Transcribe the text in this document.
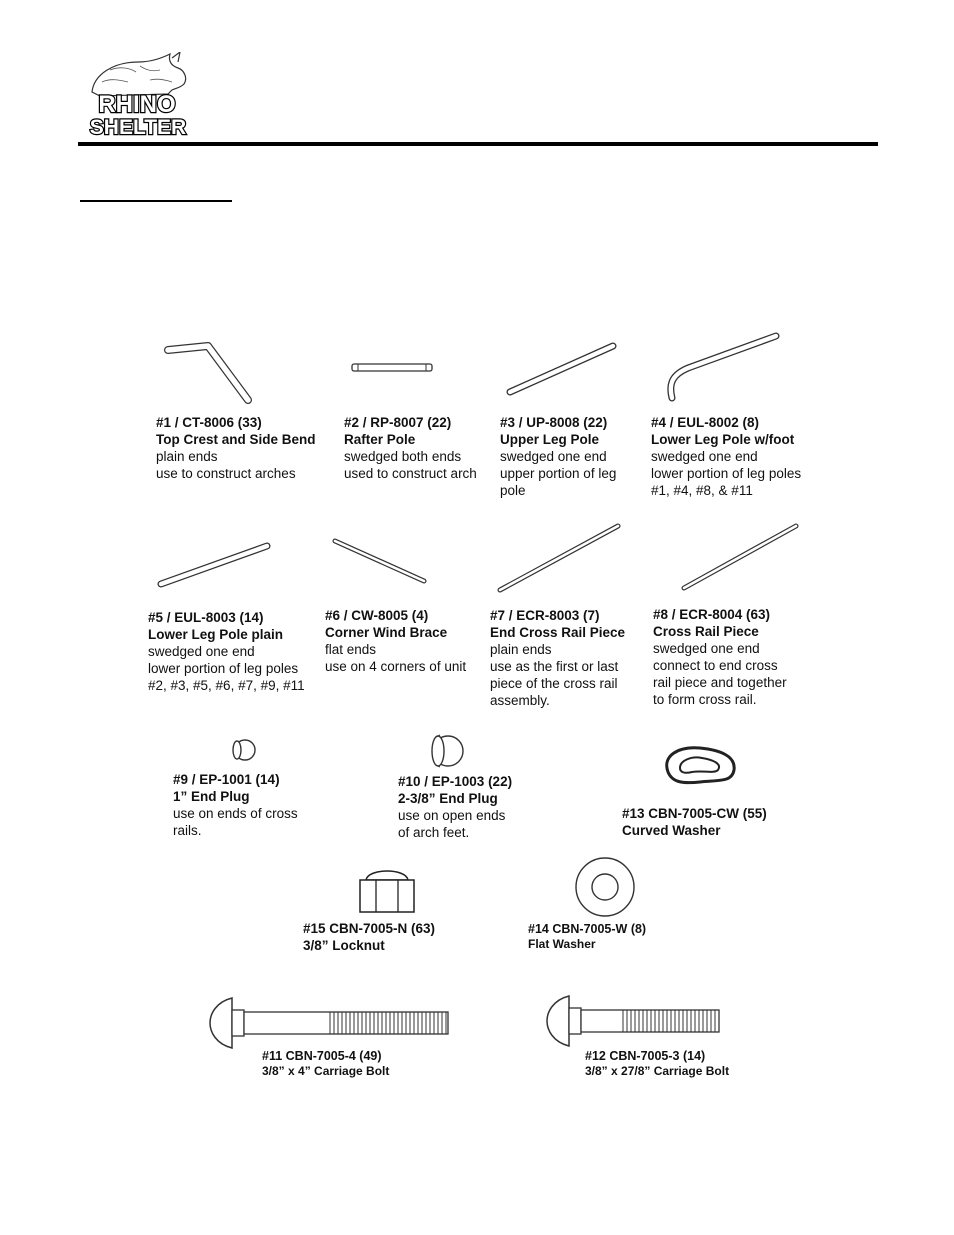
RHINO
SHELTER
#1 / CT-8006 (33)
Top Crest and Side Bend
plain ends
use to construct arches
#2 / RP-8007 (22)
Rafter Pole
swedged both ends
used to construct arch
#3 / UP-8008 (22)
Upper Leg Pole
swedged one end
upper portion of leg
pole
#4 / EUL-8002 (8)
Lower Leg Pole w/foot
swedged one end
lower portion of leg poles
#1, #4, #8, & #11
#5 / EUL-8003 (14)
Lower Leg Pole plain
swedged one end
lower portion of leg poles
#2, #3, #5, #6, #7, #9, #11
#6 / CW-8005 (4)
Corner Wind Brace
flat ends
use on 4 corners of unit
#7 / ECR-8003 (7)
End Cross Rail Piece
plain ends
use as the first or last
piece of the cross rail
assembly.
#8 / ECR-8004 (63)
Cross Rail Piece
swedged one end
connect to end cross
rail piece and together
to form cross rail.
#9 / EP-1001 (14)
1” End Plug
use on ends of cross
rails.
#10 / EP-1003 (22)
2-3/8” End Plug
use on open ends
of arch feet.
#13 CBN-7005-CW (55)
Curved Washer
#15 CBN-7005-N (63)
3/8” Locknut
#14 CBN-7005-W (8)
Flat Washer
#11 CBN-7005-4 (49)
3/8” x 4” Carriage Bolt
#12 CBN-7005-3 (14)
3/8” x 27/8” Carriage Bolt
